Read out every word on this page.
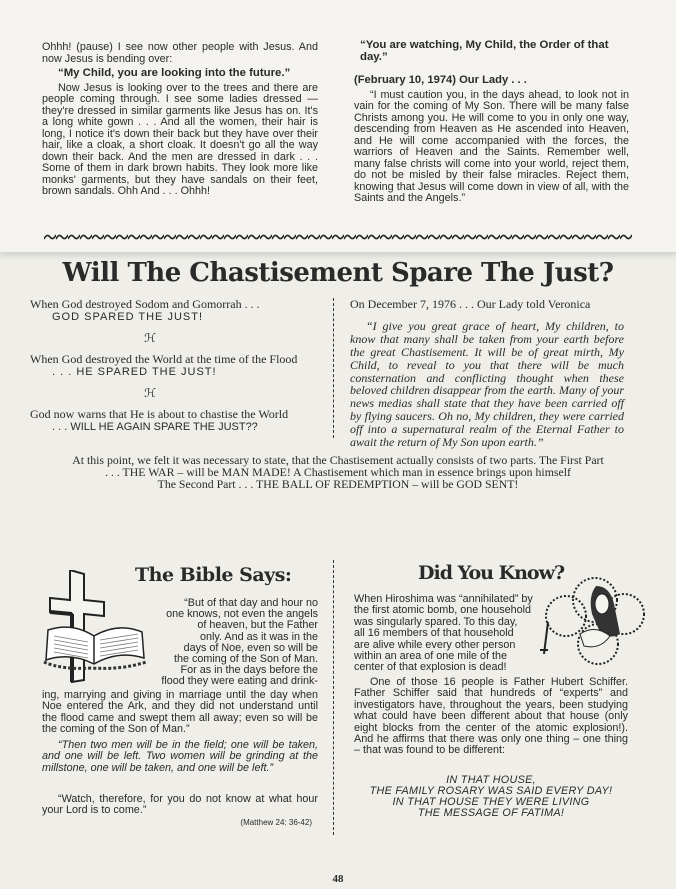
Ohhh! (pause) I see now other people with Jesus. And now Jesus is bending over:

“My Child, you are looking into the future.”

Now Jesus is looking over to the trees and there are people coming through. I see some ladies dressed — they're dressed in similar garments like Jesus has on. It's a long white gown . . . And all the women, their hair is long, I notice it's down their back but they have over their hair, like a cloak, a short cloak. It doesn't go all the way down their back. And the men are dressed in dark . . . Some of them in dark brown habits. They look more like monks' garments, but they have sandals on their feet, brown sandals. Ohh And . . . Ohhh!

“You are watching, My Child, the Order of that day.”

(February 10, 1974) Our Lady . . .

“I must caution you, in the days ahead, to look not in vain for the coming of My Son. There will be many false Christs among you. He will come to you in only one way, descending from Heaven as He ascended into Heaven, and He will come accompanied with the forces, the warriors of Heaven and the Saints. Remember well, many false christs will come into your world, reject them, do not be misled by their false miracles. Reject them, knowing that Jesus will come down in view of all, with the Saints and the Angels.”

Will The Chastisement Spare The Just?
When God destroyed Sodom and Gomorrah . . .
GOD SPARED THE JUST!
ℋ
When God destroyed the World at the time of the Flood
. . . HE SPARED THE JUST!
ℋ
God now warns that He is about to chastise the World
. . . WILL HE AGAIN SPARE THE JUST??
On December 7, 1976 . . . Our Lady told Veronica

“I give you great grace of heart, My children, to know that many shall be taken from your earth before the great Chastisement. It will be of great mirth, My Child, to reveal to you that there will be much consternation and conflicting thought when these beloved children disappear from the earth. Many of your news medias shall state that they have been carried off by flying saucers. Oh no, My children, they were carried off into a supernatural realm of the Eternal Father to await the return of My Son upon earth.”

At this point, we felt it was necessary to state, that the Chastisement actually consists of two parts. The First Part
. . . THE WAR – will be MAN MADE! A Chastisement which man in essence brings upon himself
The Second Part . . . THE BALL OF REDEMPTION – will be GOD SENT!
The Bible Says:
“But of that day and hour no
one knows, not even the angels
of heaven, but the Father
only. And as it was in the
days of Noe, even so will be
the coming of the Son of Man.
For as in the days before the
flood they were eating and drink-

ing, marrying and giving in marriage until the day when Noe entered the Ark, and they did not understand until the flood came and swept them all away; even so will be the coming of the Son of Man.”

“Then two men will be in the field; one will be taken, and one will be left. Two women will be grinding at the millstone, one will be taken, and one will be left.”

“Watch, therefore, for you do not know at what hour your Lord is to come.”

(Matthew 24: 36-42)
Did You Know?
When Hiroshima was “annihilated” by
the first atomic bomb, one household
was singularly spared. To this day,
all 16 members of that household
are alive while every other person
within an area of one mile of the
center of that explosion is dead!

One of those 16 people is Father Hubert Schiffer. Father Schiffer said that hundreds of “experts” and investigators have, throughout the years, been studying what could have been different about that house (only eight blocks from the center of the atomic explosion!). And he affirms that there was only one thing – one thing – that was found to be different:

IN THAT HOUSE,
THE FAMILY ROSARY WAS SAID EVERY DAY!
IN THAT HOUSE THEY WERE LIVING
THE MESSAGE OF FATIMA!
48
